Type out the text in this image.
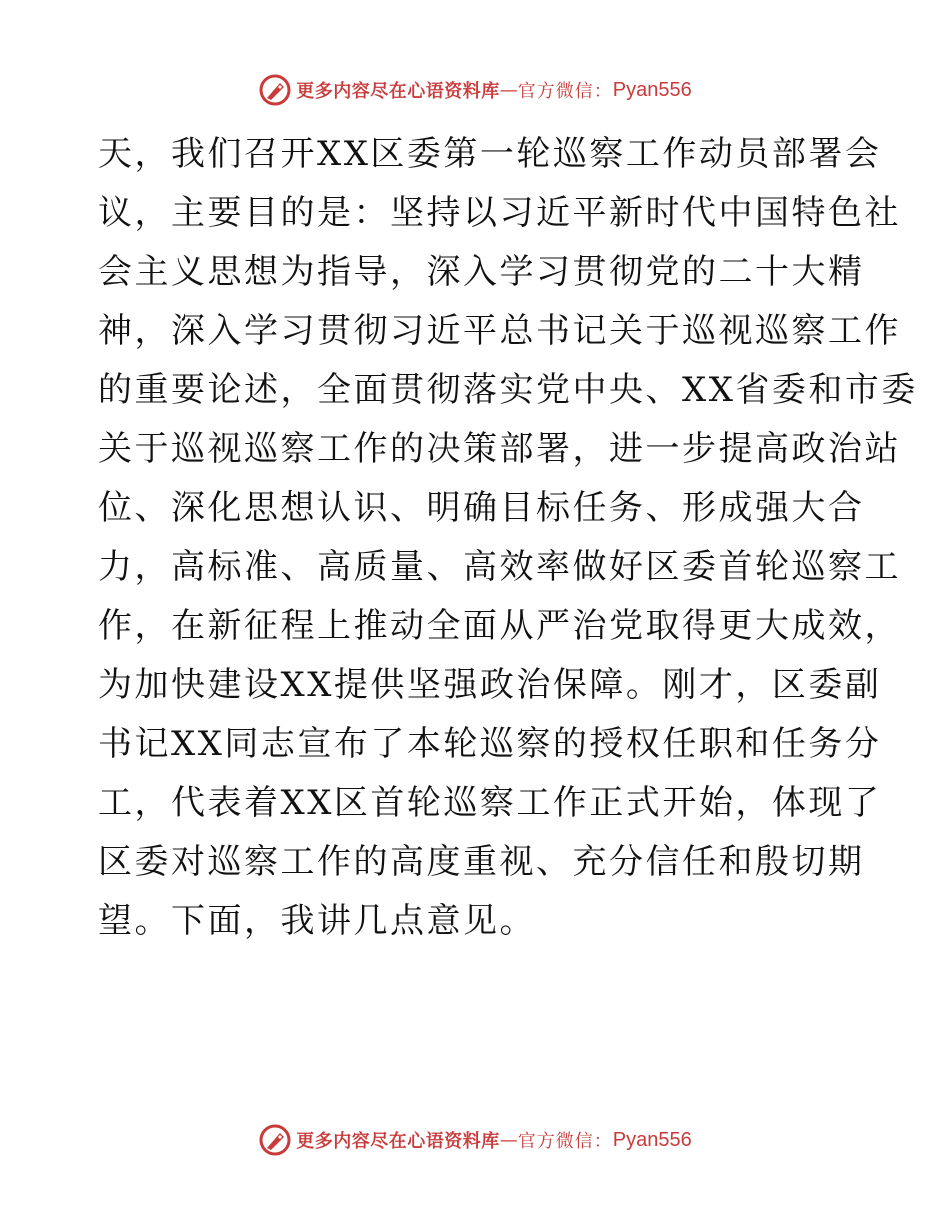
更多内容尽在心语资料库 — 官方微信： Pyan556
天，我们召开XX区委第一轮巡察工作动员部署会
议，主要目的是：坚持以习近平新时代中国特色社
会主义思想为指导，深入学习贯彻党的二十大精
神，深入学习贯彻习近平总书记关于巡视巡察工作
的重要论述，全面贯彻落实党中央、XX省委和市委
关于巡视巡察工作的决策部署，进一步提高政治站
位、深化思想认识、明确目标任务、形成强大合
力，高标准、高质量、高效率做好区委首轮巡察工
作，在新征程上推动全面从严治党取得更大成效，
为加快建设XX提供坚强政治保障。刚才，区委副
书记XX同志宣布了本轮巡察的授权任职和任务分
工，代表着XX区首轮巡察工作正式开始，体现了
区委对巡察工作的高度重视、充分信任和殷切期
望。下面，我讲几点意见。
更多内容尽在心语资料库 — 官方微信： Pyan556
